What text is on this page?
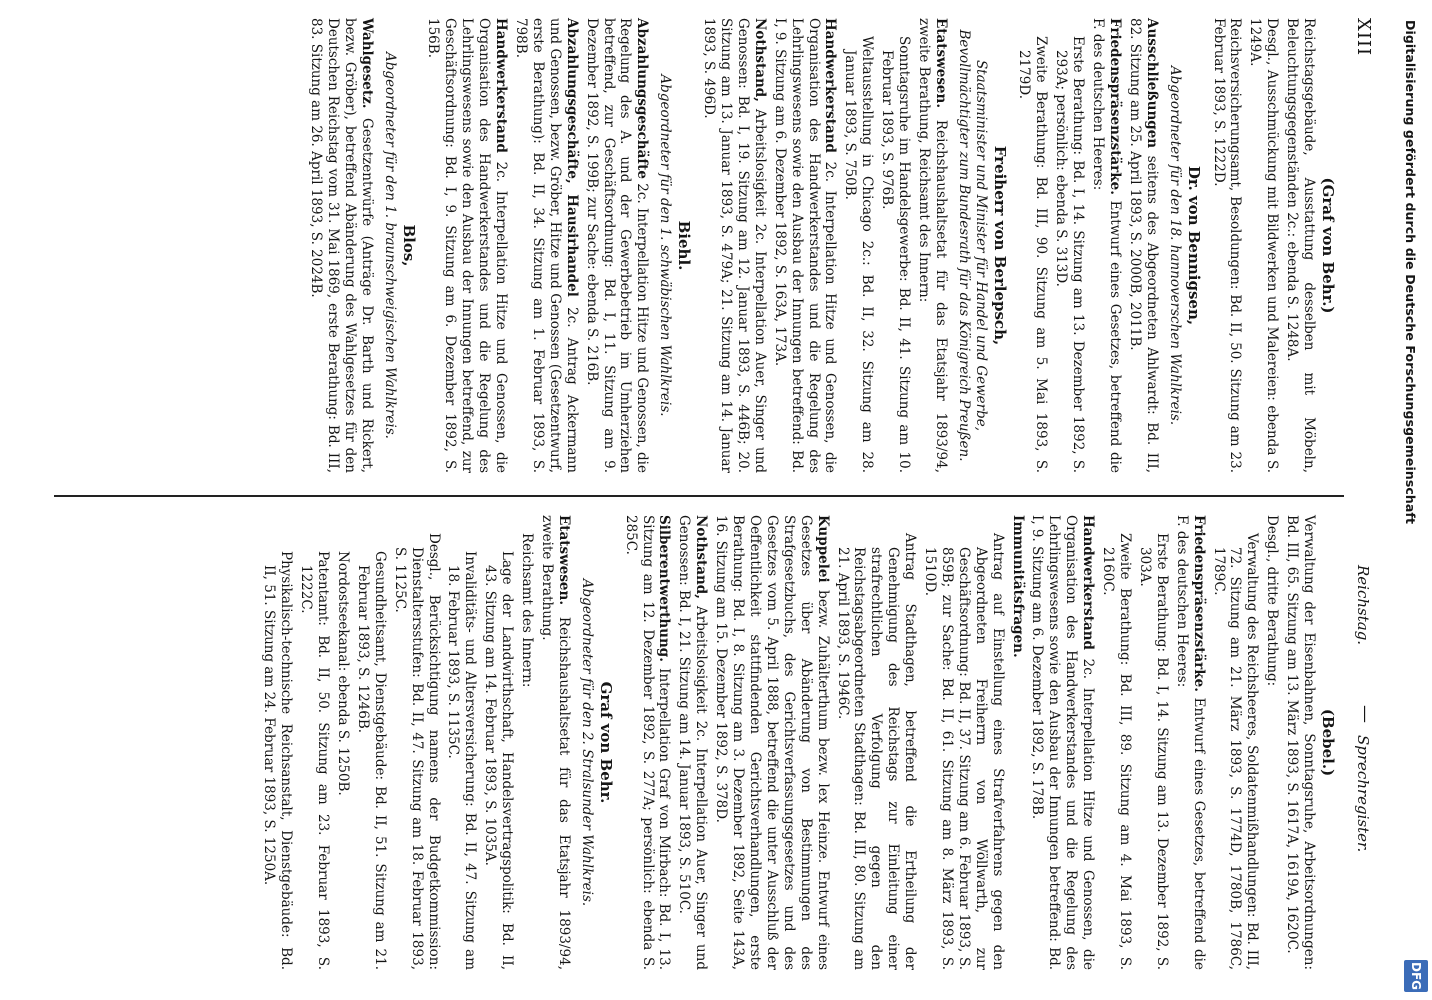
Digitalisierung gefördert durch die Deutsche Forschungsgemeinschaft
DFG
XIII
Reichstag.
—
Sprechregister.
(Graf von Behr.)

Reichstagsgebäude, Ausstattung desselben mit Möbeln, Beleuchtungsgegenständen 2c.: ebenda S. 1248A.

Desgl., Ausschmückung mit Bildwerken und Malereien: ebenda S. 1249A.

Reichsversicherungsamt, Besoldungen: Bd. II, 50. Sitzung am 23. Februar 1893, S. 1222D.

Dr. von Bennigsen,
Abgeordneter für den 18. hannoverschen Wahlkreis.

Ausschließungen seitens des Abgeordneten Ahlwardt: Bd. III, 82. Sitzung am 25. April 1893, S. 2000B, 2011B.

Friedenspräsenzstärke. Entwurf eines Gesetzes, betreffend die F. des deutschen Heeres:

Erste Berathung: Bd. I, 14. Sitzung am 13. Dezember 1892, S. 293A; persönlich: ebenda S. 313D.

Zweite Berathung: Bd. III, 90. Sitzung am 5. Mai 1893, S. 2179D.

Freiherr von Berlepsch,
Staatsminister und Minister für Handel und Gewerbe, Bevollmächtigter zum Bundesrath für das Königreich Preußen.

Etatswesen. Reichshaushaltsetat für das Etatsjahr 1893/94, zweite Berathung, Reichsamt des Innern:

Sonntagsruhe im Handelsgewerbe: Bd. II, 41. Sitzung am 10. Februar 1893, S. 976B.

Weltausstellung in Chicago 2c.: Bd. II, 32. Sitzung am 28. Januar 1893, S. 750B.

Handwerkerstand 2c. Interpellation Hitze und Genossen, die Organisation des Handwerkerstandes und die Regelung des Lehrlingswesens sowie den Ausbau der Innungen betreffend: Bd. I, 9. Sitzung am 6. Dezember 1892, S. 163A, 173A.

Nothstand, Arbeitslosigkeit 2c. Interpellation Auer, Singer und Genossen: Bd. I, 19. Sitzung am 12. Januar 1893, S. 446B; 20. Sitzung am 13. Januar 1893, S. 479A; 21. Sitzung am 14. Januar 1893, S. 496D.

Biehl.
Abgeordneter für den 1. schwäbischen Wahlkreis.

Abzahlungsgeschäfte 2c. Interpellation Hitze und Genossen, die Regelung des A. und der Gewerbebetrieb im Umherziehen betreffend, zur Geschäftsordnung: Bd. I, 11. Sitzung am 9. Dezember 1892, S. 199B; zur Sache: ebenda S. 216B.

Abzahlungsgeschäfte, Hausirhandel 2c. Antrag Ackermann und Genossen, bezw. Gröber, Hitze und Genossen (Gesetzentwurf, erste Berathung): Bd. II, 34. Sitzung am 1. Februar 1893, S. 798B.

Handwerkerstand 2c. Interpellation Hitze und Genossen, die Organisation des Handwerkerstandes und die Regelung des Lehrlingswesens sowie den Ausbau der Innungen betreffend, zur Geschäftsordnung: Bd. I, 9. Sitzung am 6. Dezember 1892, S. 156B.

Blos,
Abgeordneter für den 1. braunschweigischen Wahlkreis.

Wahlgesetz. Gesetzentwürfe (Anträge Dr. Barth und Rickert, bezw. Gröber), betreffend Abänderung des Wahlgesetzes für den Deutschen Reichstag vom 31. Mai 1869, erste Berathung: Bd. III, 83. Sitzung am 26. April 1893, S. 2024B.

(Bebel.)

Verwaltung der Eisenbahnen, Sonntagsruhe, Arbeitsordnungen: Bd. III, 65. Sitzung am 13. März 1893, S. 1617A, 1619A, 1620C.

Desgl., dritte Berathung:

Verwaltung des Reichsheeres, Soldatenmißhandlungen: Bd. III, 72. Sitzung am 21. März 1893, S. 1774D, 1780B, 1786C, 1789C.

Friedenspräsenzstärke. Entwurf eines Gesetzes, betreffend die F. des deutschen Heeres:

Erste Berathung: Bd. I, 14. Sitzung am 13. Dezember 1892, S. 303A.

Zweite Berathung: Bd. III, 89. Sitzung am 4. Mai 1893, S. 2160C.

Handwerkerstand 2c. Interpellation Hitze und Genossen, die Organisation des Handwerkerstandes und die Regelung des Lehrlingswesens sowie den Ausbau der Innungen betreffend: Bd. I, 9. Sitzung am 6. Dezember 1892, S. 178B.

Immunitätsfragen.

Antrag auf Einstellung eines Strafverfahrens gegen den Abgeordneten Freiherrn von Wöllwarth, zur Geschäftsordnung: Bd. II, 37. Sitzung am 6. Februar 1893, S. 859B; zur Sache: Bd. II, 61. Sitzung am 8. März 1893, S. 1510D.

Antrag Stadthagen, betreffend die Ertheilung der Genehmigung des Reichstags zur Einleitung einer strafrechtlichen Verfolgung gegen den Reichstagsabgeordneten Stadthagen: Bd. III, 80. Sitzung am 21. April 1893, S. 1946C.

Kuppelei bezw. Zuhälterthum bezw. lex Heinze. Entwurf eines Gesetzes über Abänderung von Bestimmungen des Strafgesetzbuchs, des Gerichtsverfassungsgesetzes und des Gesetzes vom 5. April 1888, betreffend die unter Ausschluß der Oeffentlichkeit stattfindenden Gerichtsverhandlungen, erste Berathung: Bd. I, 8. Sitzung am 3. Dezember 1892, Seite 143A, 16. Sitzung am 15. Dezember 1892, S. 378D.

Nothstand, Arbeitslosigkeit 2c. Interpellation Auer, Singer und Genossen: Bd. I, 21. Sitzung am 14. Januar 1893, S. 510C.

Silberentwerthung. Interpellation Graf von Mirbach: Bd. I, 13. Sitzung am 12. Dezember 1892, S. 277A; persönlich: ebenda S. 285C.

Graf von Behr.
Abgeordneter für den 2. Stralsunder Wahlkreis.

Etatswesen. Reichshaushaltsetat für das Etatsjahr 1893/94, zweite Berathung.

Reichsamt des Innern:

Lage der Landwirthschaft, Handelsvertragspolitik: Bd. II, 43. Sitzung am 14. Februar 1893, S. 1035A.

Invaliditäts- und Altersversicherung: Bd. II, 47. Sitzung am 18. Februar 1893, S. 1135C.

Desgl., Berücksichtigung namens der Budgetkommission: Dienstaltersstufen: Bd. II, 47. Sitzung am 18. Februar 1893, S. 1125C.

Gesundheitsamt, Dienstgebäude: Bd. II, 51. Sitzung am 21. Februar 1893, S. 1246B.

Nordostseekanal: ebenda S. 1250B.

Patentamt: Bd. II, 50. Sitzung am 23. Februar 1893, S. 1222C.

Physikalisch-technische Reichsanstalt, Dienstgebäude: Bd. II, 51. Sitzung am 24. Februar 1893, S. 1250A.
